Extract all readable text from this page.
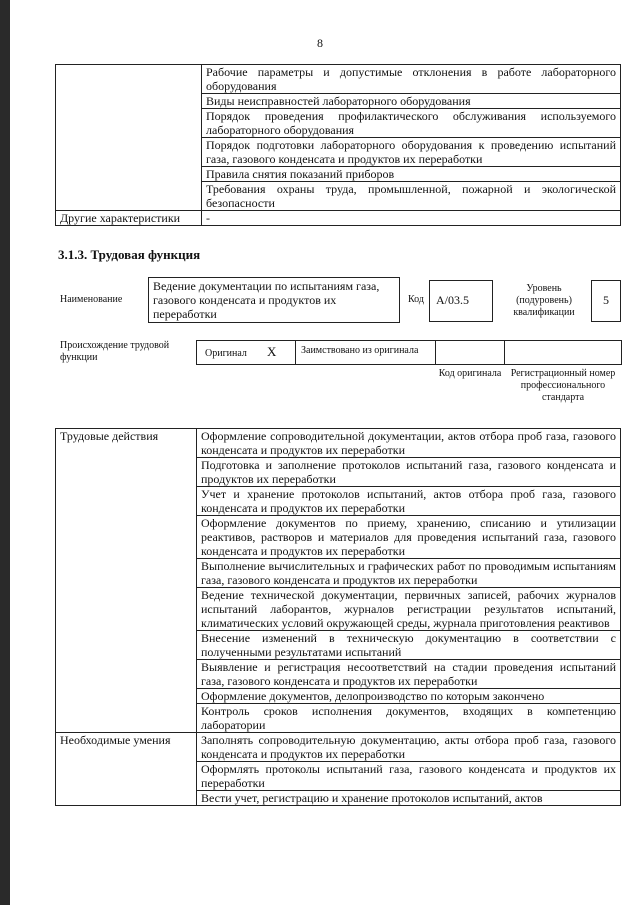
8
	Рабочие параметры и допустимые отклонения в работе лабораторного оборудования
	Виды неисправностей лабораторного оборудования
	Порядок проведения профилактического обслуживания используемого лабораторного оборудования
	Порядок подготовки лабораторного оборудования к проведению испытаний газа, газового конденсата и продуктов их переработки
	Правила снятия показаний приборов
	Требования охраны труда, промышленной, пожарной и экологической безопасности
Другие характеристики	-
3.1.3. Трудовая функция
Наименование
Ведение документации по испытаниям газа, газового конденсата и продуктов их переработки
Код	А/03.5
Уровень (подуровень) квалификации
5
Происхождение трудовой функции	Оригинал X	Заимствовано из оригинала
Код оригинала Регистрационный номер профессионального стандарта
Трудовые действия	Оформление сопроводительной документации, актов отбора проб газа, газового конденсата и продуктов их переработки
	Подготовка и заполнение протоколов испытаний газа, газового конденсата и продуктов их переработки
	Учет и хранение протоколов испытаний, актов отбора проб газа, газового конденсата и продуктов их переработки
	Оформление документов по приему, хранению, списанию и утилизации реактивов, растворов и материалов для проведения испытаний газа, газового конденсата и продуктов их переработки
	Выполнение вычислительных и графических работ по проводимым испытаниям газа, газового конденсата и продуктов их переработки
	Ведение технической документации, первичных записей, рабочих журналов испытаний лаборантов, журналов регистрации результатов испытаний, климатических условий окружающей среды, журнала приготовления реактивов
	Внесение изменений в техническую документацию в соответствии с полученными результатами испытаний
	Выявление и регистрация несоответствий на стадии проведения испытаний газа, газового конденсата и продуктов их переработки
	Оформление документов, делопроизводство по которым закончено
	Контроль сроков исполнения документов, входящих в компетенцию лаборатории
Необходимые умения	Заполнять сопроводительную документацию, акты отбора проб газа, газового конденсата и продуктов их переработки
	Оформлять протоколы испытаний газа, газового конденсата и продуктов их переработки
	Вести учет, регистрацию и хранение протоколов испытаний, актов
